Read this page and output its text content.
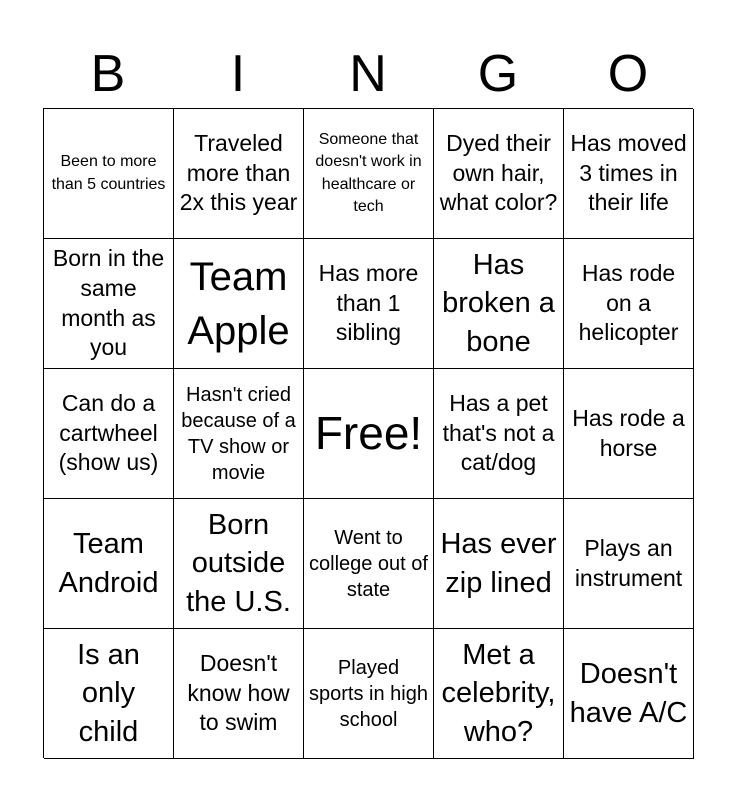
B	I	N	G	O
Been to more than 5 countries
Traveled more than 2x this year
Someone that doesn't work in healthcare or tech
Dyed their own hair, what color?
Has moved 3 times in their life
Born in the same month as you
Team Apple
Has more than 1 sibling
Has broken a bone
Has rode on a helicopter
Can do a cartwheel (show us)
Hasn't cried because of a TV show or movie
Free!
Has a pet that's not a cat/dog
Has rode a horse
Team Android
Born outside the U.S.
Went to college out of state
Has ever zip lined
Plays an instrument
Is an only child
Doesn't know how to swim
Played sports in high school
Met a celebrity, who?
Doesn't have A/C
